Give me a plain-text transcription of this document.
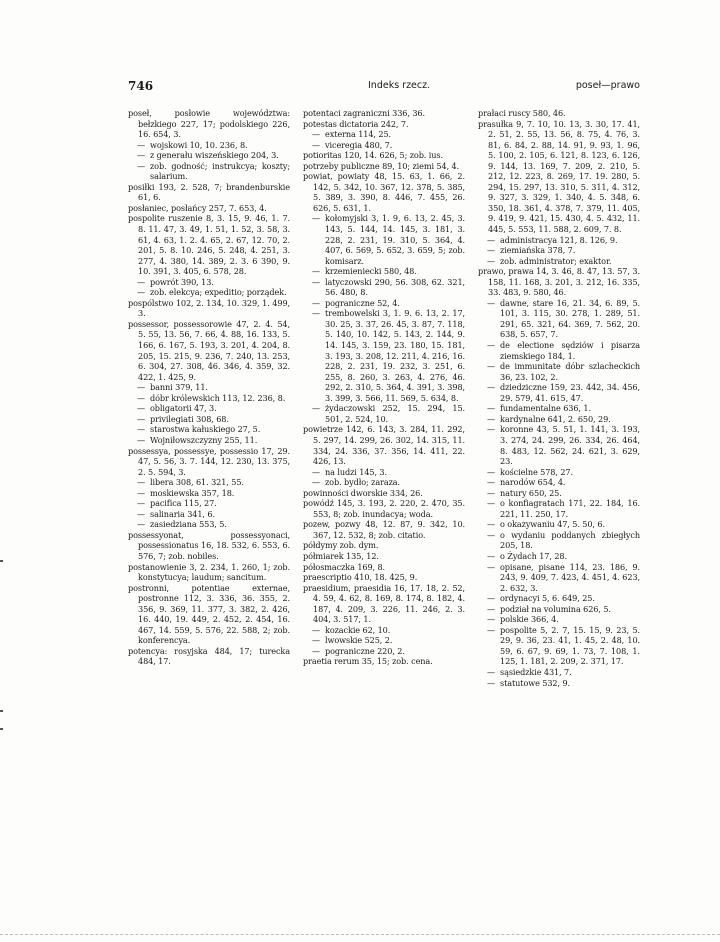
746	Indeks rzecz.	poseł—prawo
poseł, posłowie województwa: bełzkiego 227, 17; podolskiego 226, 16. 654, 3.
— wojskowi 10, 10. 236, 8.
— z generału wiszeńskiego 204, 3.
— zob. godność; instrukcya; koszty; salarium.
posiłki 193, 2. 528, 7; brandenburskie 61, 6.
posłaniec, posłańcy 257, 7. 653, 4.
pospolite ruszenie 8, 3. 15, 9. 46, 1. 7. 8. 11. 47, 3. 49, 1. 51, 1. 52, 3. 58, 3. 61, 4. 63, 1. 2. 4. 65, 2. 67, 12. 70, 2. 201, 5. 8. 10. 246, 5. 248, 4. 251, 3. 277, 4. 380, 14. 389, 2. 3. 6 390, 9. 10. 391, 3. 405, 6. 578, 28.
— powrót 390, 13.
— zob. elekcya; expeditio; porządek.
pospólstwo 102, 2. 134, 10. 329, 1. 499, 3.
possessor, possessorowie 47, 2. 4. 54, 5. 55, 13. 56, 7. 66, 4. 88, 16. 133, 5. 166, 6. 167, 5. 193, 3. 201, 4. 204, 8. 205, 15. 215, 9. 236, 7. 240, 13. 253, 6. 304, 27. 308, 46. 346, 4. 359, 32. 422, 1. 425, 9.
— banni 379, 11.
— dóbr królewskich 113, 12. 236, 8.
— obligatorii 47, 3.
— privilegiati 308, 68.
— starostwa kałuskiego 27, 5.
— Wojniłowszczyzny 255, 11.
possessya, possessye, possessio 17, 29. 47, 5. 56, 3. 7. 144, 12. 230, 13. 375, 2. 5. 594, 3.
— libera 308, 61. 321, 55.
— moskiewska 357, 18.
— pacifica 115, 27.
— salinaria 341, 6.
— zasiedziana 553, 5.
possessyonat, possessyonaci, possessionatus 16, 18. 532, 6. 553, 6. 576, 7; zob. nobiles.
postanowienie 3, 2. 234, 1. 260, 1; zob. konstytucya; laudum; sancitum.
postronni, potentiae externae, postronne 112, 3. 336, 36. 355, 2. 356, 9. 369, 11. 377, 3. 382, 2. 426, 16. 440, 19. 449, 2. 452, 2. 454, 16. 467, 14. 559, 5. 576, 22. 588, 2; zob. konferencya.
potencya: rosyjska 484, 17; turecka 484, 17.
potentaci zagraniczni 336, 36.
potestas dictatoria 242, 7.
— externa 114, 25.
— viceregia 480, 7.
potioritas 120, 14. 626, 5; zob. ius.
potrzeby publiczne 89, 10; ziemi 54, 4.
powiat, powiaty 48, 15. 63, 1. 66, 2. 142, 5. 342, 10. 367, 12. 378, 5. 385, 5. 389, 3. 390, 8. 446, 7. 455, 26. 626, 5. 631, 1.
— kołomyjski 3, 1. 9, 6. 13, 2. 45, 3. 143, 5. 144, 14. 145, 3. 181, 3. 228, 2. 231, 19. 310, 5. 364, 4. 407, 6. 569, 5. 652, 3. 659, 5; zob. komisarz.
— krzemieniecki 580, 48.
— latyczowski 290, 56. 308, 62. 321, 56. 480, 8.
— pograniczne 52, 4.
— trembowelski 3, 1. 9. 6. 13, 2. 17, 30. 25, 3. 37, 26. 45, 3. 87, 7. 118, 5. 140, 10. 142, 5. 143, 2. 144, 9. 14. 145, 3. 159, 23. 180, 15. 181, 3. 193, 3. 208, 12. 211, 4. 216, 16. 228, 2. 231, 19. 232, 3. 251, 6. 255, 8. 260, 3. 263, 4. 276, 46. 292, 2. 310, 5. 364, 4. 391, 3. 398, 3. 399, 3. 566, 11. 569, 5. 634, 8.
— żydaczowski 252, 15. 294, 15. 501, 2. 524, 10.
powietrze 142, 6. 143, 3. 284, 11. 292, 5. 297, 14. 299, 26. 302, 14. 315, 11. 334, 24. 336, 37. 356, 14. 411, 22. 426, 13.
— na ludzi 145, 3.
— zob. bydło; zaraza.
powinności dworskie 334, 26.
powódź 145, 3. 193, 2. 220, 2. 470, 35. 553, 8; zob. inundacya; woda.
pozew, pozwy 48, 12. 87, 9. 342, 10. 367, 12. 532, 8; zob. citatio.
półdymy zob. dym.
półmiarek 135, 12.
półosmaczka 169, 8.
praescriptio 410, 18. 425, 9.
praesidium, praesidia 16, 17. 18, 2. 52, 4. 59, 4. 62, 8. 169, 8. 174, 8. 182, 4. 187, 4. 209, 3. 226, 11. 246, 2. 3. 404, 3. 517, 1.
— kozackie 62, 10.
— lwowskie 525, 2.
— pograniczne 220, 2.
praetia rerum 35, 15; zob. cena.
prałaci ruscy 580, 46.
prasułka 9, 7. 10, 10. 13, 3. 30, 17. 41, 2. 51, 2. 55, 13. 56, 8. 75, 4. 76, 3. 81, 6. 84, 2. 88, 14. 91, 9. 93, 1. 96, 5. 100, 2. 105, 6. 121, 8. 123, 6. 126, 9. 144, 13. 169, 7. 209, 2. 210, 5. 212, 12. 223, 8. 269, 17. 19. 280, 5. 294, 15. 297, 13. 310, 5. 311, 4. 312, 9. 327, 3. 329, 1. 340, 4. 5. 348, 6. 350, 18. 361, 4. 378, 7. 379, 11. 405, 9. 419, 9. 421, 15. 430, 4. 5. 432, 11. 445, 5. 553, 11. 588, 2. 609, 7. 8.
— administracya 121, 8. 126, 9.
— ziemiańska 378, 7.
— zob. administrator; exaktor.
prawo, prawa 14, 3. 46, 8. 47, 13. 57, 3. 158, 11. 168, 3. 201, 3. 212, 16. 335, 33. 483, 9. 580, 46.
— dawne, stare 16, 21. 34, 6. 89, 5. 101, 3. 115, 30. 278, 1. 289, 51. 291, 65. 321, 64. 369, 7. 562, 20. 638, 5. 657, 7.
— de electione sędziów i pisarza ziemskiego 184, 1.
— de immunitate dóbr szlacheckich 36, 23. 102, 2.
— dziedziczne 159, 23. 442, 34. 456, 29. 579, 41. 615, 47.
— fundamentalne 636, 1.
— kardynalne 641, 2. 650, 29.
— koronne 43, 5. 51, 1. 141, 3. 193, 3. 274, 24. 299, 26. 334, 26. 464, 8. 483, 12. 562, 24. 621, 3. 629, 23.
— kościelne 578, 27.
— narodów 654, 4.
— natury 650, 25.
— o konfiagratach 171, 22. 184, 16. 221, 11. 250, 17.
— o okazywaniu 47, 5. 50, 6.
— o wydaniu poddanych zbiegłych 205, 18.
— o Żydach 17, 28.
— opisane, pisane 114, 23. 186, 9. 243, 9. 409, 7. 423, 4. 451, 4. 623, 2. 632, 3.
— ordynacyi 5, 6. 649, 25.
— podział na volumina 626, 5.
— polskie 366, 4.
— pospolite 5, 2. 7, 15. 15, 9. 23, 5. 29, 9. 36, 23. 41, 1. 45, 2. 48, 10. 59, 6. 67, 9. 69, 1. 73, 7. 108, 1. 125, 1. 181, 2. 209, 2. 371, 17.
— sąsiedzkie 431, 7.
— statutowe 532, 9.
